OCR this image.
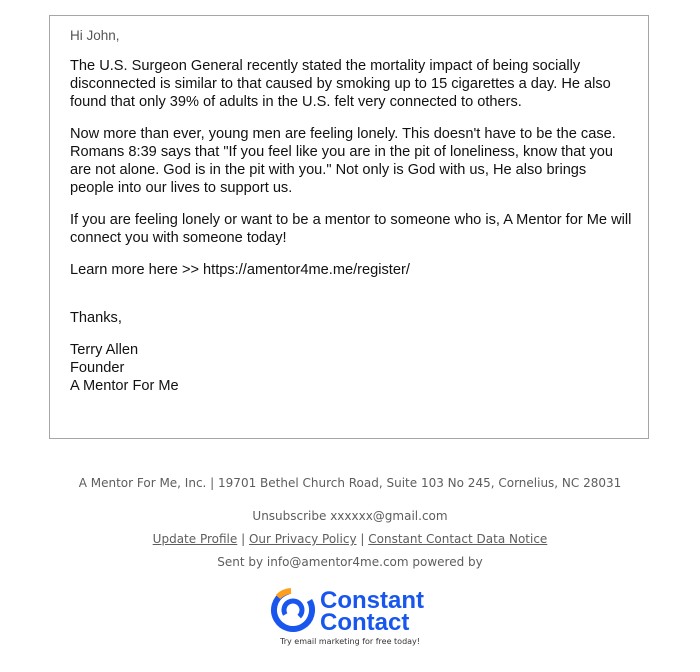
Hi John,

The U.S. Surgeon General recently stated the mortality impact of being socially disconnected is similar to that caused by smoking up to 15 cigarettes a day. He also found that only 39% of adults in the U.S. felt very connected to others.

Now more than ever, young men are feeling lonely. This doesn't have to be the case. Romans 8:39 says that "If you feel like you are in the pit of loneliness, know that you are not alone. God is in the pit with you." Not only is God with us, He also brings people into our lives to support us.

If you are feeling lonely or want to be a mentor to someone who is, A Mentor for Me will connect you with someone today!

Learn more here >> https://amentor4me.me/register/

Thanks,

Terry Allen

Founder

A Mentor For Me

A Mentor For Me, Inc. | 19701 Bethel Church Road, Suite 103 No 245, Cornelius, NC 28031
Unsubscribe xxxxxx@gmail.com
Update Profile | Our Privacy Policy | Constant Contact Data Notice
Sent by info@amentor4me.com powered by
Constant
Contact
Try email marketing for free today!
